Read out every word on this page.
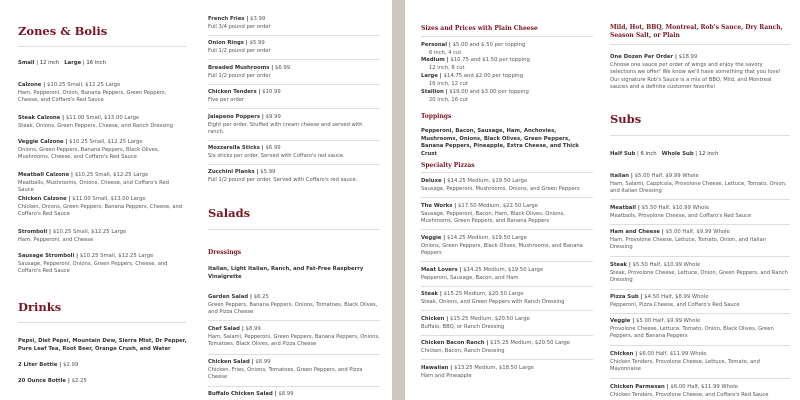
Zones & Bolis
Small | 12 inch Large | 16 inch
Calzone | $10.25 Small, $12.25 Large
Ham, Pepperoni, Onion, Banana Peppers, Green Peppers, Cheese, and Coffaro's Red Sauce
Steak Calzone | $11.00 Small, $13.00 Large
Steak, Onions, Green Peppers, Cheese, and Ranch Dressing
Veggie Calzone | $10.25 Small, $12.25 Large
Onions, Green Peppers, Banana Peppers, Black Olives, Mushrooms, Cheese, and Coffaro's Red Sauce
Meatball Calzone | $10.25 Small, $12.25 Large
Meatballs, Mushrooms, Onions, Cheese, and Coffaro's Red Sauce
Chicken Calzone | $11.00 Small, $13.00 Large
Chicken, Onions, Green Peppers, Banana Peppers, Cheese, and Coffaro's Red Sauce
Stromboli | $10.25 Small, $12.25 Large
Ham, Pepperoni, and Cheese
Sausage Stromboli | $10.25 Small, $12.25 Large
Sausage, Pepperoni, Onions, Green Peppers, Cheese, and Coffaro's Red Sauce
Drinks
Pepsi, Diet Pepsi, Mountain Dew, Sierra Mist, Dr Pepper, Pure Leaf Tea, Root Beer, Orange Crush, and Water
2 Liter Bottle | $2.99
20 Ounce Bottle | $2.25
French Fries | $3.99
Full 3/4 pound per order
Onion Rings | $5.99
Full 1/2 pound per order
Breaded Mushrooms | $6.99
Full 1/2 pound per order
Chicken Tenders | $10.99
Five per order
Jalapeno Poppers | $9.99
Eight per order. Stuffed with cream cheese and served with ranch.
Mozzarella Sticks | $6.99
Six sticks per order. Served with Coffaro's red sauce.
Zucchini Planks | $5.99
Full 1/2 pound per order. Served with Coffaro's red sauce.
Salads
Dressings
Italian, Light Italian, Ranch, and Fat-Free Raspberry Vinaigrette
Garden Salad | $6.25
Green Peppers, Banana Peppers, Onions, Tomatoes, Black Olives, and Pizza Cheese
Chef Salad | $8.99
Ham, Salami, Pepperoni, Green Peppers, Banana Peppers, Onions, Tomatoes, Black Olives, and Pizza Cheese
Chicken Salad | $8.99
Chicken, Fries, Onions, Tomatoes, Green Peppers, and Pizza Cheese
Buffalo Chicken Salad | $8.99
Sizes and Prices with Plain Cheese
Personal | $5.00 and $.50 per topping
6 inch, 4 cut
Medium | $10.75 and $1.50 per topping
12 inch, 8 cut
Large | $14.75 and $2.00 per topping
16 inch, 12 cut
Stallion | $19.00 and $3.00 per topping
20 inch, 16 cut
Toppings
Pepperoni, Bacon, Sausage, Ham, Anchovies, Mushrooms, Onions, Black Olives, Green Peppers, Banana Peppers, Pineapple, Extra Cheese, and Thick Crust
Specialty Pizzas
Deluxe | $14.25 Medium, $19.50 Large
Sausage, Pepperoni, Mushrooms, Onions, and Green Peppers
The Works | $17.50 Medium, $22.50 Large
Sausage, Pepperoni, Bacon, Ham, Black Olives, Onions, Mushrooms, Green Peppers, and Banana Peppers
Veggie | $14.25 Medium, $19.50 Large
Onions, Green Peppers, Black Olives, Mushrooms, and Banana Peppers
Meat Lovers | $14.25 Medium, $19.50 Large
Pepperoni, Sausage, Bacon, and Ham
Steak | $15.25 Medium, $20.50 Large
Steak, Onions, and Green Peppers with Ranch Dressing
Chicken | $15.25 Medium, $20.50 Large
Buffalo, BBQ, or Ranch Dressing
Chicken Bacon Ranch | $15.25 Medium, $20.50 Large
Chicken, Bacon, Ranch Dressing
Hawaiian | $13.25 Medium, $18.50 Large
Ham and Pineapple
Mild, Hot, BBQ, Montreal, Rob's Sauce, Dry Ranch, Season Salt, or Plain
One Dozen Per Order | $18.99
Choose one sauce per order of wings and enjoy the savory selections we offer! We know we'll have something that you love! Our signature Rob's Sauce is a mix of BBQ, Mild, and Montreal sauces and a definite customer favorite!
Subs
Half Sub | 6 inch Whole Sub | 12 inch
Italian | $5.00 Half, $9.99 Whole
Ham, Salami, Cappicola, Provolone Cheese, Lettuce, Tomato, Onion, and Italian Dressing
Meatball | $5.50 Half, $10.99 Whole
Meatballs, Provolone Cheese, and Coffaro's Red Sauce
Ham and Cheese | $5.00 Half, $9.99 Whole
Ham, Provolone Cheese, Lettuce, Tomato, Onion, and Italian Dressing
Steak | $5.50 Half, $10.99 Whole
Steak, Provolone Cheese, Lettuce, Onion, Green Peppers, and Ranch Dressing
Pizza Sub | $4.50 Half, $8.99 Whole
Pepperoni, Pizza Cheese, and Coffaro's Red Sauce
Veggie | $5.00 Half, $9.99 Whole
Provolone Cheese, Lettuce, Tomato, Onion, Black Olives, Green Peppers, and Banana Peppers
Chicken | $6.00 Half, $11.99 Whole
Chicken Tenders, Provolone Cheese, Lettuce, Tomato, and Mayonnaise
Chicken Parmesan | $6.00 Half, $11.99 Whole
Chicken Tenders, Provolone Cheese, and Coffaro's Red Sauce
